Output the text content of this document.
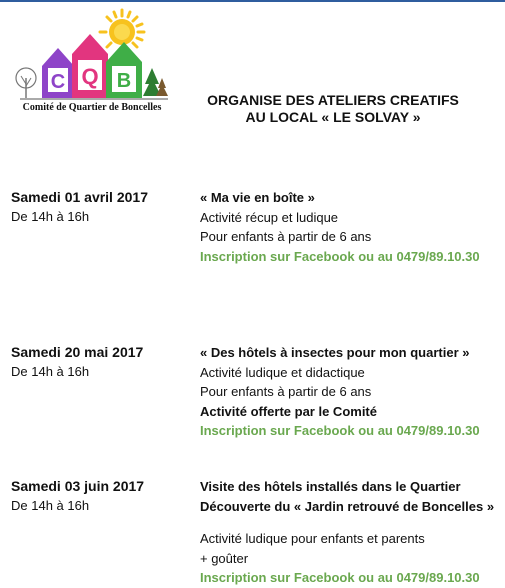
C Q B
Comité de Quartier de Boncelles	ORGANISE DES ATELIERS CREATIFS
AU LOCAL « LE SOLVAY »
Samedi 01 avril 2017
De 14h à 16h
« Ma vie en boîte »
Activité récup et ludique
Pour enfants à partir de 6 ans
Inscription sur Facebook ou au 0479/89.10.30
Samedi 20 mai 2017
De 14h à 16h
« Des hôtels à insectes pour mon quartier »
Activité ludique et didactique
Pour enfants à partir de 6 ans
Activité offerte par le Comité
Inscription sur Facebook ou au 0479/89.10.30
Samedi 03 juin 2017
De 14h à 16h
Visite des hôtels installés dans le Quartier
Découverte du « Jardin retrouvé de Boncelles »
Activité ludique pour enfants et parents
+ goûter
Inscription sur Facebook ou au 0479/89.10.30
